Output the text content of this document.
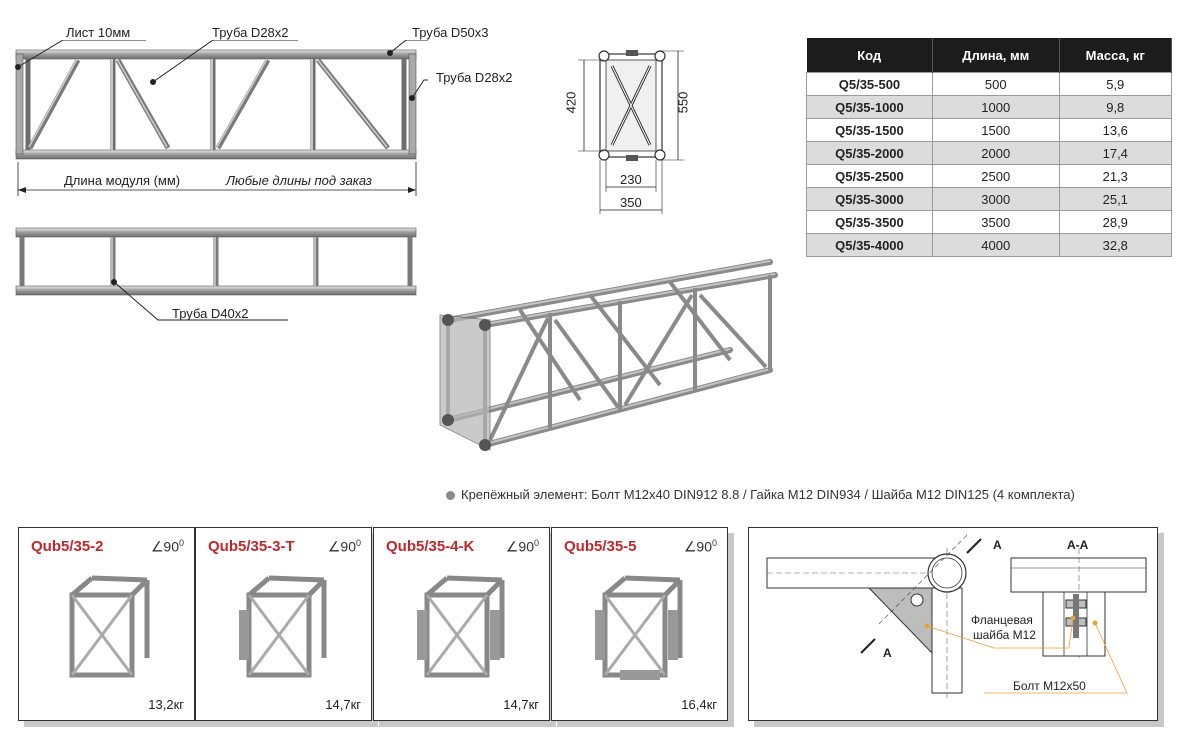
Лист 10мм	Труба D28x2	Труба D50x3
Труба D28x2
Длина модуля (мм)	Любые длины под заказ
Труба D40x2
420	550
230
350
Код	Длина, мм	Масса, кг
Q5/35-500	500	5,9
Q5/35-1000	1000	9,8
Q5/35-1500	1500	13,6
Q5/35-2000	2000	17,4
Q5/35-2500	2500	21,3
Q5/35-3000	3000	25,1
Q5/35-3500	3500	28,9
Q5/35-4000	4000	32,8
Крепёжный элемент: Болт M12x40 DIN912 8.8 / Гайка M12 DIN934 / Шайба M12 DIN125 (4 комплекта)
Qub5/35-2	$\angle 90^0$
13,2кг
Qub5/35-3-T $\angle 90^0$
14,7кг
Qub5/35-4-K $\angle 90^0$
14,7кг
Qub5/35-5	$\angle 90^0$
16,4кг
A
A
A-A
Фланцевая
шайба M12
Болт M12x50
